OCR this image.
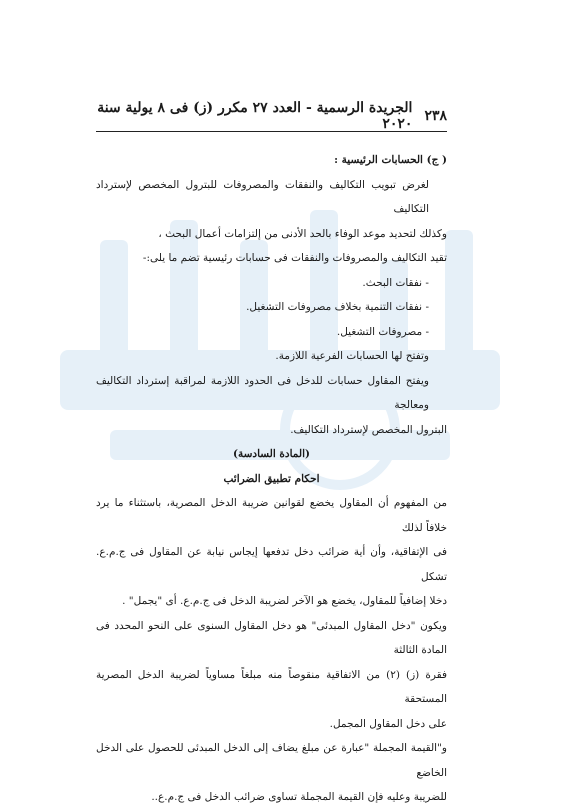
٢٣٨
الجريدة الرسمية - العدد ٢٧ مكرر (ز) فى ٨ يولية سنة ٢٠٢٠

( ج) الحسابات الرئيسية :

لغرض تبويب التكاليف والنفقات والمصروفات للبترول المخصص لإسترداد التكاليف

وكذلك لتحديد موعد الوفاء بالحد الأدنى من إلتزامات أعمال البحث ،

تقيد التكاليف والمصروفات والنفقات فى حسابات رئيسية تضم ما يلى:-

- نفقات البحث.

- نفقات التنمية بخلاف مصروفات التشغيل.

- مصروفات التشغيل.

وتفتح لها الحسابات الفرعية اللازمة.

ويفتح المقاول حسابات للدخل فى الحدود اللازمة لمراقبة إسترداد التكاليف ومعالجة

البترول المخصص لإسترداد التكاليف.

(المادة السادسة)

احكام تطبيق الضرائب

من المفهوم أن المقاول يخضع لقوانين ضريبة الدخل المصرية، باستثناء ما يرد خلافاً لذلك

فى الإتفاقية، وأن أية ضرائب دخل تدفعها إيجاس نيابة عن المقاول فى ج.م.ع. تشكل

دخلا إضافياً للمقاول، يخضع هو الآخر لضريبة الدخل فى ج.م.ع. أى "يجمل" .

ويكون "دخل المقاول المبدئى" هو دخل المقاول السنوى على النحو المحدد فى المادة الثالثة

فقرة (ز) (٢) من الاتفاقية منقوصاً منه مبلغاً مساوياً لضريبة الدخل المصرية المستحقة

على دخل المقاول المجمل.

و"القيمة المجملة "عبارة عن مبلغ يضاف إلى الدخل المبدئى للحصول على الدخل الخاضع

للضريبة وعليه فإن القيمة المجملة تساوى ضرائب الدخل فى ج.م.ع..
